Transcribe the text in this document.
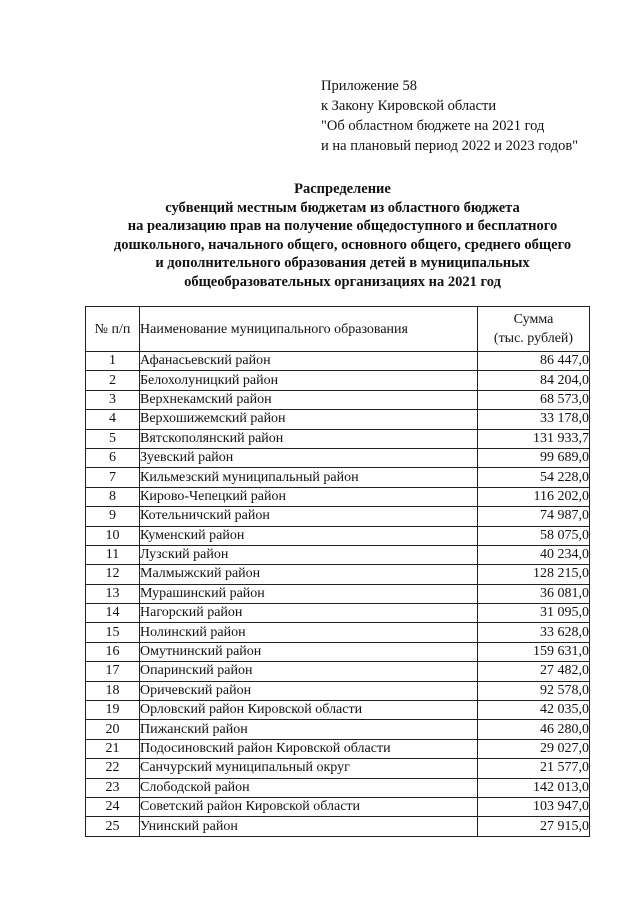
Приложение 58
к Закону Кировской области
"Об областном бюджете на 2021 год
и на плановый период 2022 и 2023 годов"
Распределение
субвенций местным бюджетам из областного бюджета
на реализацию прав на получение общедоступного и бесплатного
дошкольного, начального общего, основного общего, среднего общего
и дополнительного образования детей в муниципальных
общеобразовательных организациях на 2021 год
№ п/п	Наименование муниципального образования	Сумма
(тыс. рублей)

1	Афанасьевский район	86 447,0
2	Белохолуницкий район	84 204,0
3	Верхнекамский район	68 573,0
4	Верхошижемский район	33 178,0
5	Вятскополянский район	131 933,7
6	Зуевский район	99 689,0
7	Кильмезский муниципальный район	54 228,0
8	Кирово-Чепецкий район	116 202,0
9	Котельничский район	74 987,0
10	Куменский район	58 075,0
11	Лузский район	40 234,0
12	Малмыжский район	128 215,0
13	Мурашинский район	36 081,0
14	Нагорский район	31 095,0
15	Нолинский район	33 628,0
16	Омутнинский район	159 631,0
17	Опаринский район	27 482,0
18	Оричевский район	92 578,0
19	Орловский район Кировской области	42 035,0
20	Пижанский район	46 280,0
21	Подосиновский район Кировской области	29 027,0
22	Санчурский муниципальный округ	21 577,0
23	Слободской район	142 013,0
24	Советский район Кировской области	103 947,0
25	Унинский район	27 915,0
